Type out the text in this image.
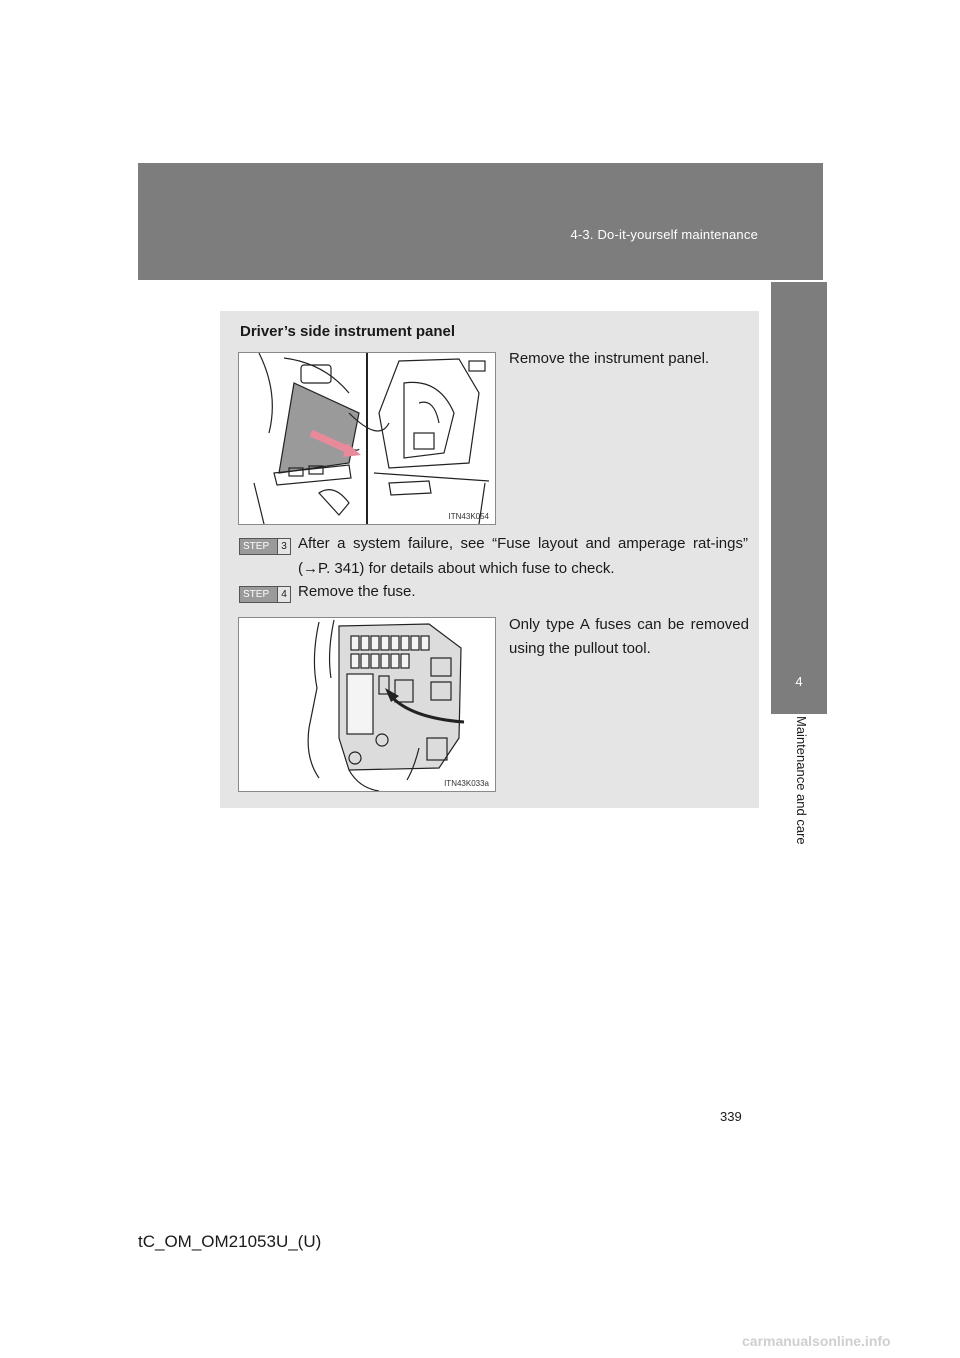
4-3. Do-it-yourself maintenance
4
Maintenance and care
Driver’s side instrument panel
ITN43K054
Remove the instrument panel.
STEP	3 After a system failure, see “Fuse layout and amperage rat-ings” (→P. 341) for details about which fuse to check.
STEP	4 Remove the fuse.
ITN43K033a
Only type A fuses can be removed using the pullout tool.
339
tC_OM_OM21053U_(U)
carmanualsonline.info
